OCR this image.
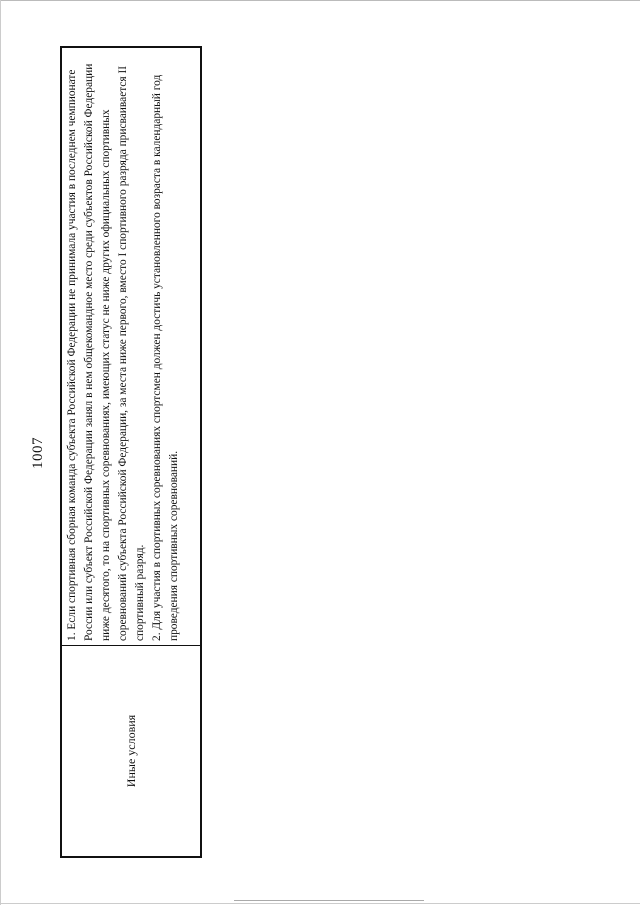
1007
Иные условия

1. Если спортивная сборная команда субъекта Российской Федерации не принимала участия в последнем чемпионате России или субъект Российской Федерации занял в нем общекомандное место среди субъектов Российской Федерации ниже десятого, то на спортивных соревнованиях, имеющих статус не ниже других официальных спортивных соревнований субъекта Российской Федерации, за места ниже первого, вместо I спортивного разряда присваивается II спортивный разряд. 2. Для участия в спортивных соревнованиях спортсмен должен достичь установленного возраста в календарный год проведения спортивных соревнований.
